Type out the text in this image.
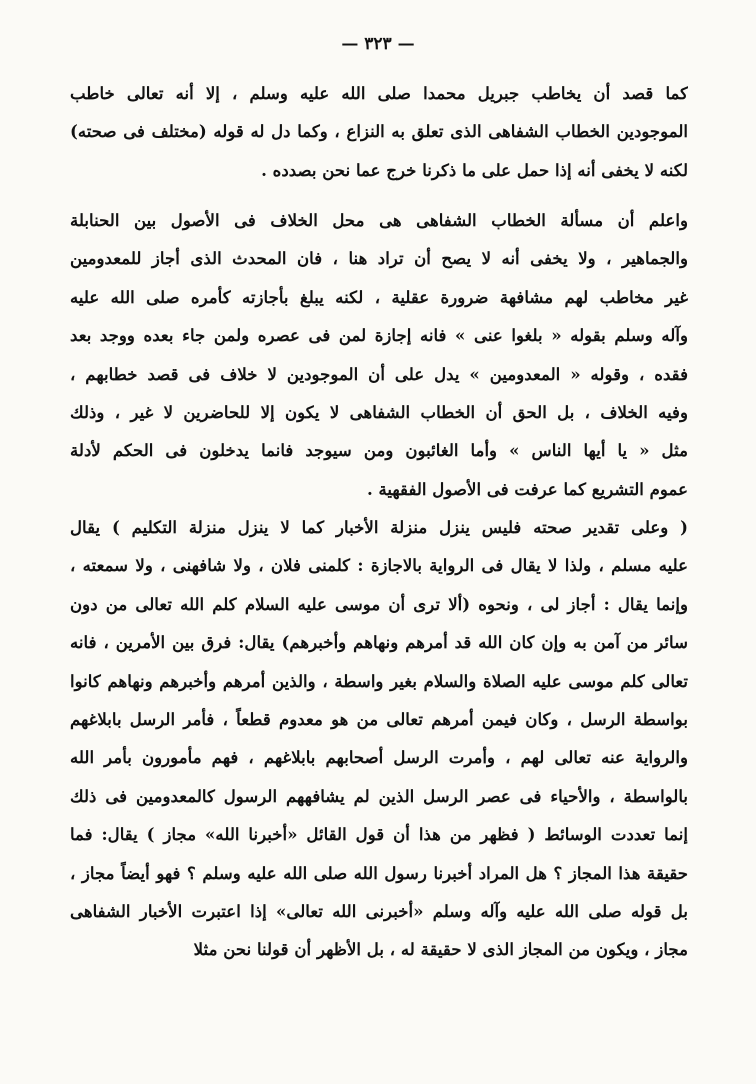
— ٣٢٣ —
كما قصد أن يخاطب جبريل محمدا صلى الله عليه وسلم ، إلا أنه تعالى خاطب
الموجودين الخطاب الشفاهى الذى تعلق به النزاع ، وكما دل له قوله (مختلف فى صحته)
لكنه لا يخفى أنه إذا حمل على ما ذكرنا خرج عما نحن بصدده .
واعلم أن مسألة الخطاب الشفاهى هى محل الخلاف فى الأصول بين الحنابلة
والجماهير ، ولا يخفى أنه لا يصح أن تراد هنا ، فان المحدث الذى أجاز للمعدومين
غير مخاطب لهم مشافهة ضرورة عقلية ، لكنه يبلغ بأجازته كأمره صلى الله عليه
وآله وسلم بقوله « بلغوا عنى » فانه إجازة لمن فى عصره ولمن جاء بعده ووجد بعد
فقده ، وقوله « المعدومين » يدل على أن الموجودين لا خلاف فى قصد خطابهم ،
وفيه الخلاف ، بل الحق أن الخطاب الشفاهى لا يكون إلا للحاضرين لا غير ، وذلك
مثل « يا أيها الناس » وأما الغائبون ومن سيوجد فانما يدخلون فى الحكم لأدلة
عموم التشريع كما عرفت فى الأصول الفقهية .
( وعلى تقدير صحته فليس ينزل منزلة الأخبار كما لا ينزل منزلة التكليم ) يقال
عليه مسلم ، ولذا لا يقال فى الرواية بالاجازة : كلمنى فلان ، ولا شافهنى ، ولا سمعته ،
وإنما يقال : أجاز لى ، ونحوه (ألا ترى أن موسى عليه السلام كلم الله تعالى من دون
سائر من آمن به وإن كان الله قد أمرهم ونهاهم وأخبرهم) يقال: فرق بين الأمرين ، فانه
تعالى كلم موسى عليه الصلاة والسلام بغير واسطة ، والذين أمرهم وأخبرهم ونهاهم كانوا
بواسطة الرسل ، وكان فيمن أمرهم تعالى من هو معدوم قطعاً ، فأمر الرسل بابلاغهم
والرواية عنه تعالى لهم ، وأمرت الرسل أصحابهم بابلاغهم ، فهم مأمورون بأمر الله
بالواسطة ، والأحياء فى عصر الرسل الذين لم يشافههم الرسول كالمعدومين فى ذلك
إنما تعددت الوسائط ( فظهر من هذا أن قول القائل «أخبرنا الله» مجاز ) يقال: فما
حقيقة هذا المجاز ؟ هل المراد أخبرنا رسول الله صلى الله عليه وسلم ؟ فهو أيضاً مجاز ،
بل قوله صلى الله عليه وآله وسلم «أخبرنى الله تعالى» إذا اعتبرت الأخبار الشفاهى
مجاز ، ويكون من المجاز الذى لا حقيقة له ، بل الأظهر أن قولنا نحن مثلا
